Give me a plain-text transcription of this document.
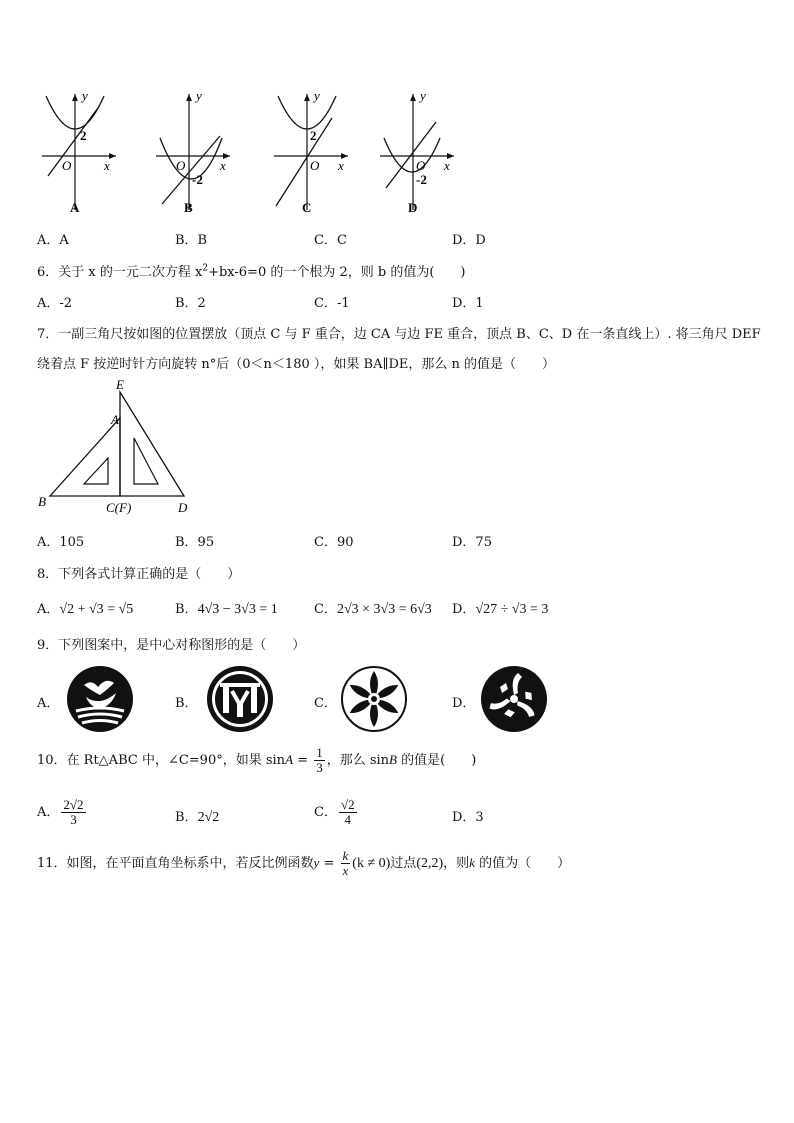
y
x
O
2
A
y
x
O
-2
B
y
x
O
2
C
y
x
O
-2
D
A．A	B．B	C．C	D．D
6．关于 x 的一元二次方程 $x^2+bx-6=0$ 的一个根为 2，则 b 的值为(　　)
A．-2	B．2	C．-1	D．1
7．一副三角尺按如图的位置摆放（顶点 C 与 F 重合，边 CA 与边 FE 重合，顶点 B、C、D 在一条直线上）. 将三角尺 DEF
绕着点 F 按逆时针方向旋转 n°后（0＜n＜180 ），如果 BA∥DE，那么 n 的值是（　　）
E
A
B	C(F)	D
A．105	B．95	C．90	D．75
8．下列各式计算正确的是（　　）
A．√2 + √3 = √5	B．4√3 − 3√3 = 1	C．2√3 × 3√3 = 6√3 D．√27 ÷ √3 = 3
9．下列图案中，是中心对称图形的是（　　）
A．	B．	C．	D．
10．在 Rt△ABC 中，∠C=90°，如果 $\sin A = \frac{1}{3}$ ，那么 sinB 的值是(　　)
A． $\frac{2√2}{3}$	B．2√2	C． $\frac{√2}{4}$	D．3
11．如图，在平面直角坐标系中，若反比例函数$y = \frac{k}{x} (k \ne 0)$过点(2,2)，则k 的值为（　　）
